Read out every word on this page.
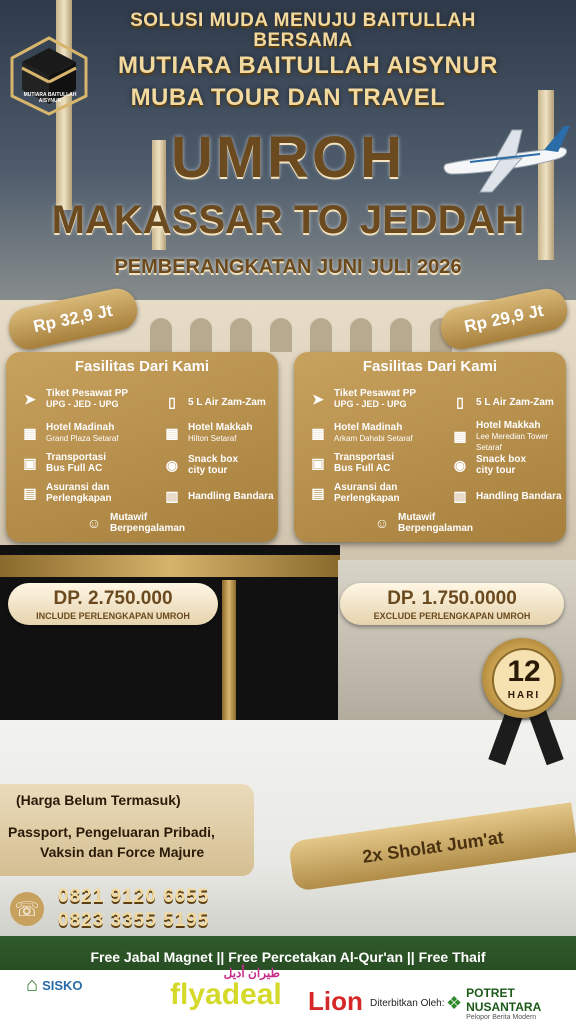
MUTIARA BAITULLAH AISYNUR
SOLUSI MUDA MENUJU BAITULLAH
BERSAMA
MUTIARA BAITULLAH AISYNUR
MUBA TOUR DAN TRAVEL
UMROH
MAKASSAR TO JEDDAH
PEMBERANGKATAN JUNI JULI 2026
Rp 32,9 Jt	Rp 29,9 Jt
Fasilitas Dari Kami
➤	Tiket Pesawat PP
UPG - JED - UPG	▯	5 L Air Zam-Zam
▦ Hotel Madinah
Grand Plaza Setaraf	▦ Hotel Makkah
Hilton Setaraf
▣ Transportasi
Bus Full AC	◉ Snack box
city tour
▤ Asuransi dan
Perlengkapan	▥ Handling Bandara
☺ Mutawif
Berpengalaman
Fasilitas Dari Kami
➤	Tiket Pesawat PP
UPG - JED - UPG	▯	5 L Air Zam-Zam
▦ Hotel Madinah
Arkam Dahabi Setaraf	▦
Hotel Makkah
Lee Meredian Tower Setaraf
▣ Transportasi
Bus Full AC	◉ Snack box
city tour
▤ Asuransi dan
Perlengkapan	▥ Handling Bandara
☺ Mutawif
Berpengalaman
DP. 2.750.000
INCLUDE PERLENGKAPAN UMROH
DP. 1.750.0000
EXCLUDE PERLENGKAPAN UMROH
12
HARI
(Harga Belum Termasuk)
Passport, Pengeluaran Pribadi,
Vaksin dan Force Majure	2x Sholat Jum'at
☏
0821 9120 6655
0823 3355 5195
Free Jabal Magnet || Free Percetakan Al-Qur'an || Free Thaif
⌂ SISKO
طيران أديل
flyadeal Lion Diterbitkan Oleh: ❖ POTRET NUSANTARA
Pelopor Berita Modern
